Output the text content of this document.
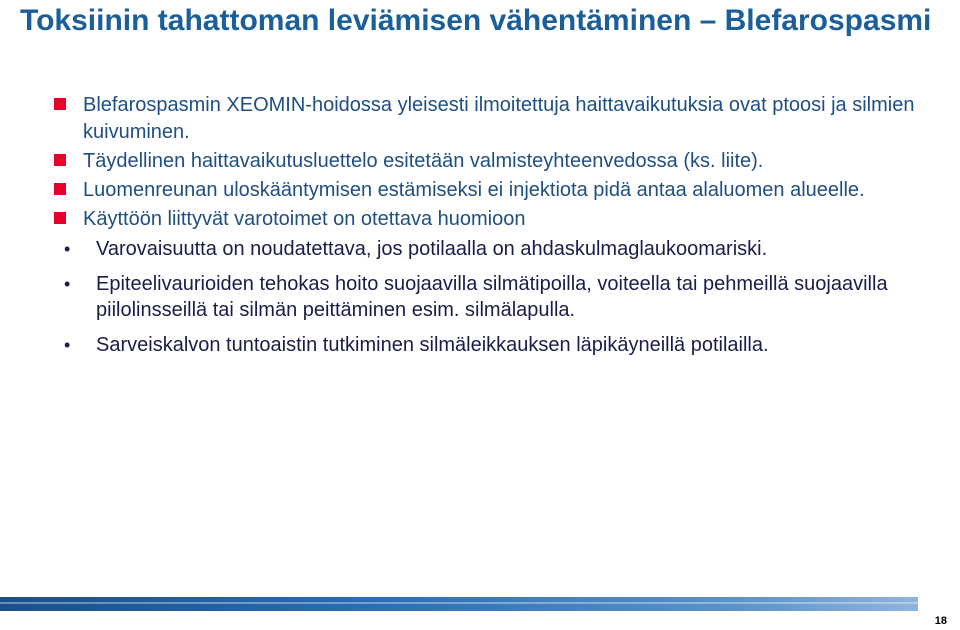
Toksiinin tahattoman leviämisen vähentäminen – Blefarospasmi
Blefarospasmin XEOMIN-hoidossa yleisesti ilmoitettuja haittavaikutuksia ovat ptoosi ja silmien kuivuminen.
Täydellinen haittavaikutusluettelo esitetään valmisteyhteenvedossa (ks. liite).
Luomenreunan uloskääntymisen estämiseksi ei injektiota pidä antaa alaluomen alueelle.
Käyttöön liittyvät varotoimet on otettava huomioon
• Varovaisuutta on noudatettava, jos potilaalla on ahdaskulmaglaukoomariski.
• Epiteelivaurioiden tehokas hoito suojaavilla silmätipoilla, voiteella tai pehmeillä suojaavilla piilolinsseillä tai silmän peittäminen esim. silmälapulla.
• Sarveiskalvon tuntoaistin tutkiminen silmäleikkauksen läpikäyneillä potilailla.
18
